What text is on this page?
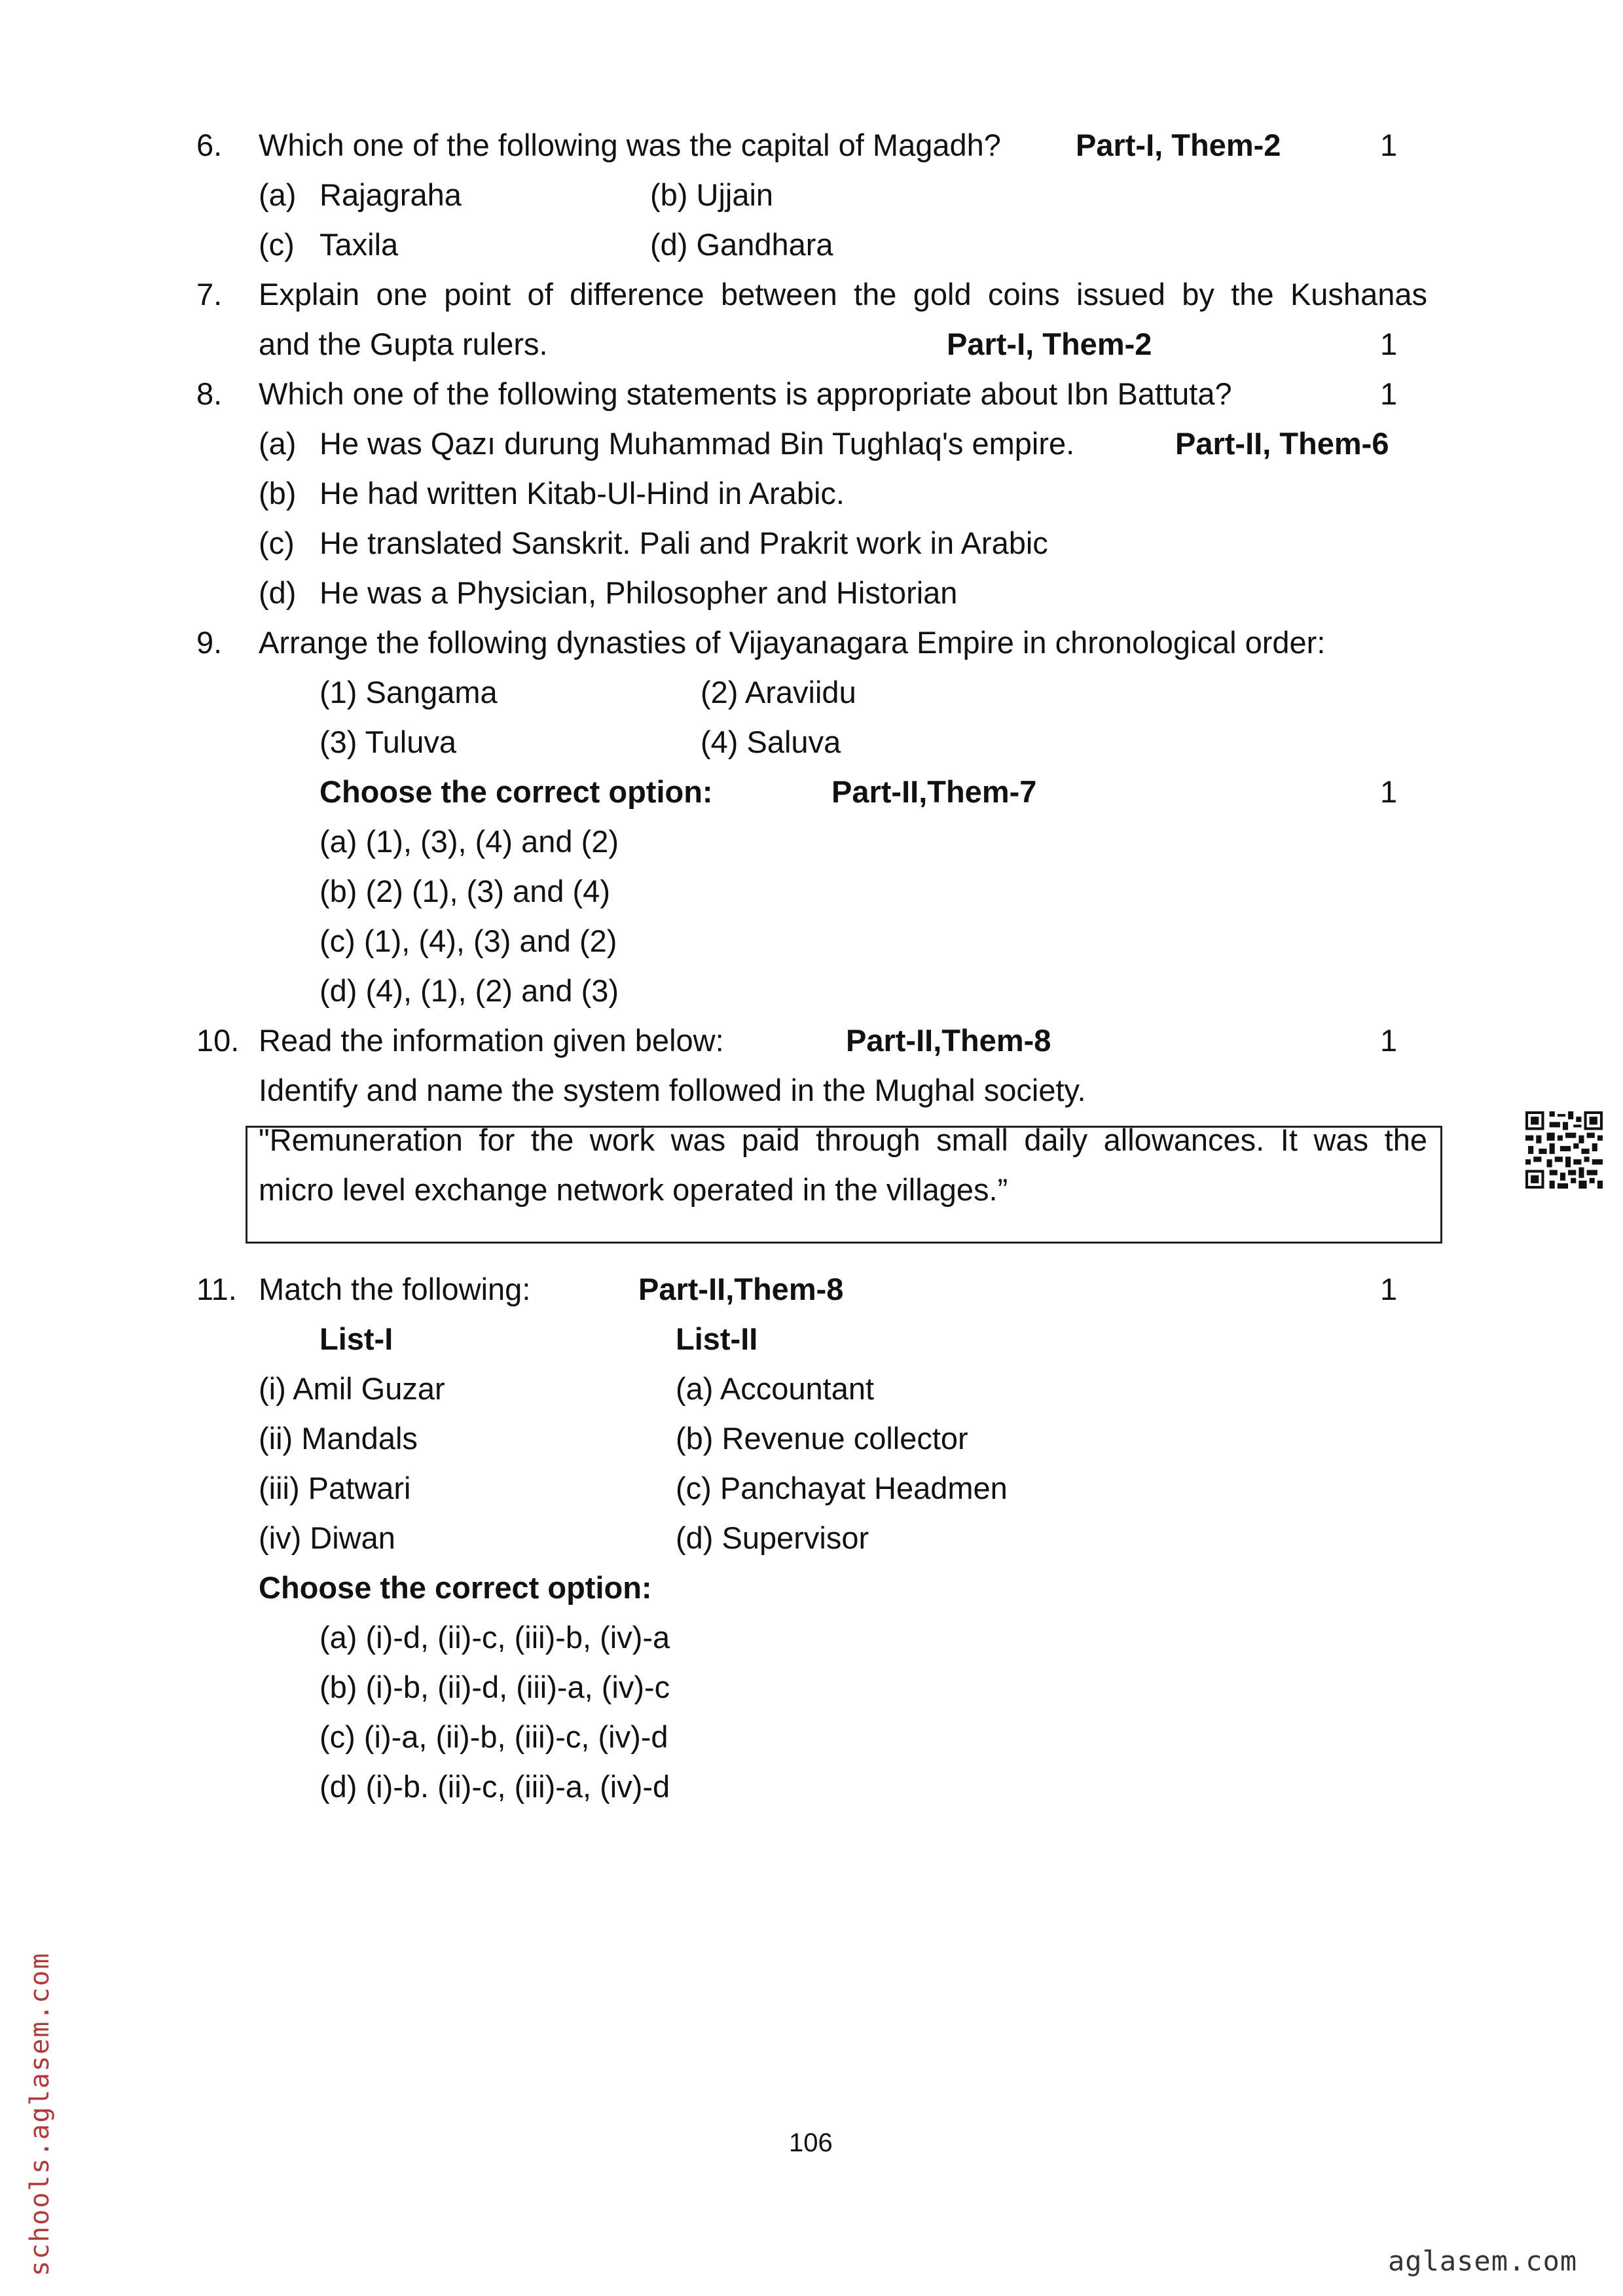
6. Which one of the following was the capital of Magadh? Part-I, Them-2	1
(a) Rajagraha	(b) Ujjain
(c) Taxila	(d) Gandhara
7. Explain one point of difference between the gold coins issued by the Kushanas
and the Gupta rulers.	Part-I, Them-2	1
8. Which one of the following statements is appropriate about Ibn Battuta?	1
(a) He was Qazı durung Muhammad Bin Tughlaq's empire.	Part-II, Them-6
(b) He had written Kitab-Ul-Hind in Arabic.
(c) He translated Sanskrit. Pali and Prakrit work in Arabic
(d) He was a Physician, Philosopher and Historian
9. Arrange the following dynasties of Vijayanagara Empire in chronological order:
(1) Sangama	(2) Araviidu
(3) Tuluva	(4) Saluva
Choose the correct option:	Part-II,Them-7	1
(a) (1), (3), (4) and (2)
(b) (2) (1), (3) and (4)
(c) (1), (4), (3) and (2)
(d) (4), (1), (2) and (3)
10. Read the information given below:	Part-II,Them-8	1
Identify and name the system followed in the Mughal society.
"Remuneration for the work was paid through small daily allowances. It was the
micro level exchange network operated in the villages.”
11. Match the following:	Part-II,Them-8	1
List-I	List-II
(i) Amil Guzar	(a) Accountant
(ii) Mandals	(b) Revenue collector
(iii) Patwari	(c) Panchayat Headmen
(iv) Diwan	(d) Supervisor
Choose the correct option:
(a) (i)-d, (ii)-c, (iii)-b, (iv)-a
(b) (i)-b, (ii)-d, (iii)-a, (iv)-c
(c) (i)-a, (ii)-b, (iii)-c, (iv)-d
(d) (i)-b. (ii)-c, (iii)-a, (iv)-d
106
schools.aglasem.com	aglasem.com
